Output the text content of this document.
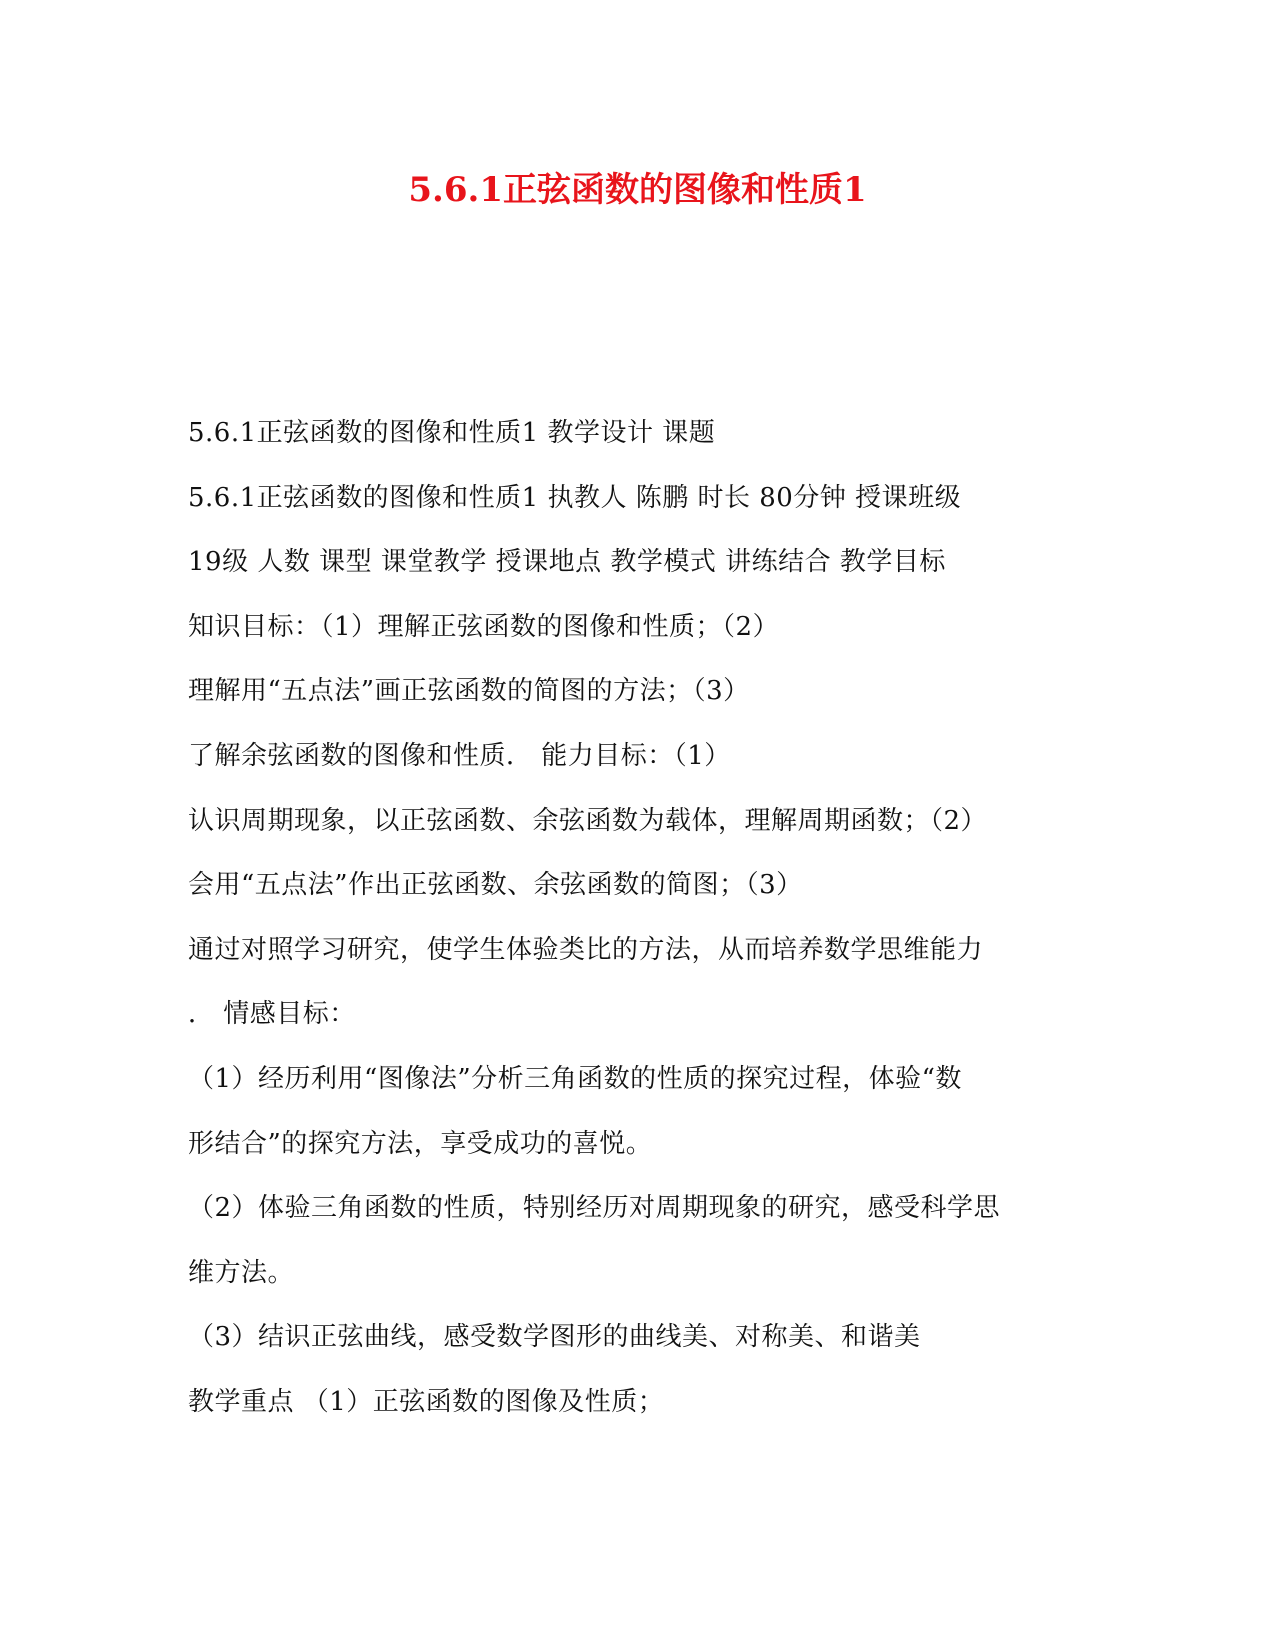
5.6.1正弦函数的图像和性质1
5.6.1正弦函数的图像和性质1 教学设计 课题
5.6.1正弦函数的图像和性质1 执教人 陈鹏 时长 80分钟 授课班级
19级 人数 课型 课堂教学 授课地点 教学模式 讲练结合 教学目标
知识目标：（1）理解正弦函数的图像和性质；（2）
理解用“五点法”画正弦函数的简图的方法；（3）
了解余弦函数的图像和性质． 能力目标：（1）
认识周期现象，以正弦函数、余弦函数为载体，理解周期函数；（2）
会用“五点法”作出正弦函数、余弦函数的简图；（3）
通过对照学习研究，使学生体验类比的方法，从而培养数学思维能力
． 情感目标：
（1）经历利用“图像法”分析三角函数的性质的探究过程，体验“数
形结合”的探究方法，享受成功的喜悦。
（2）体验三角函数的性质，特别经历对周期现象的研究，感受科学思
维方法。
（3）结识正弦曲线，感受数学图形的曲线美、对称美、和谐美
教学重点 （1）正弦函数的图像及性质；
